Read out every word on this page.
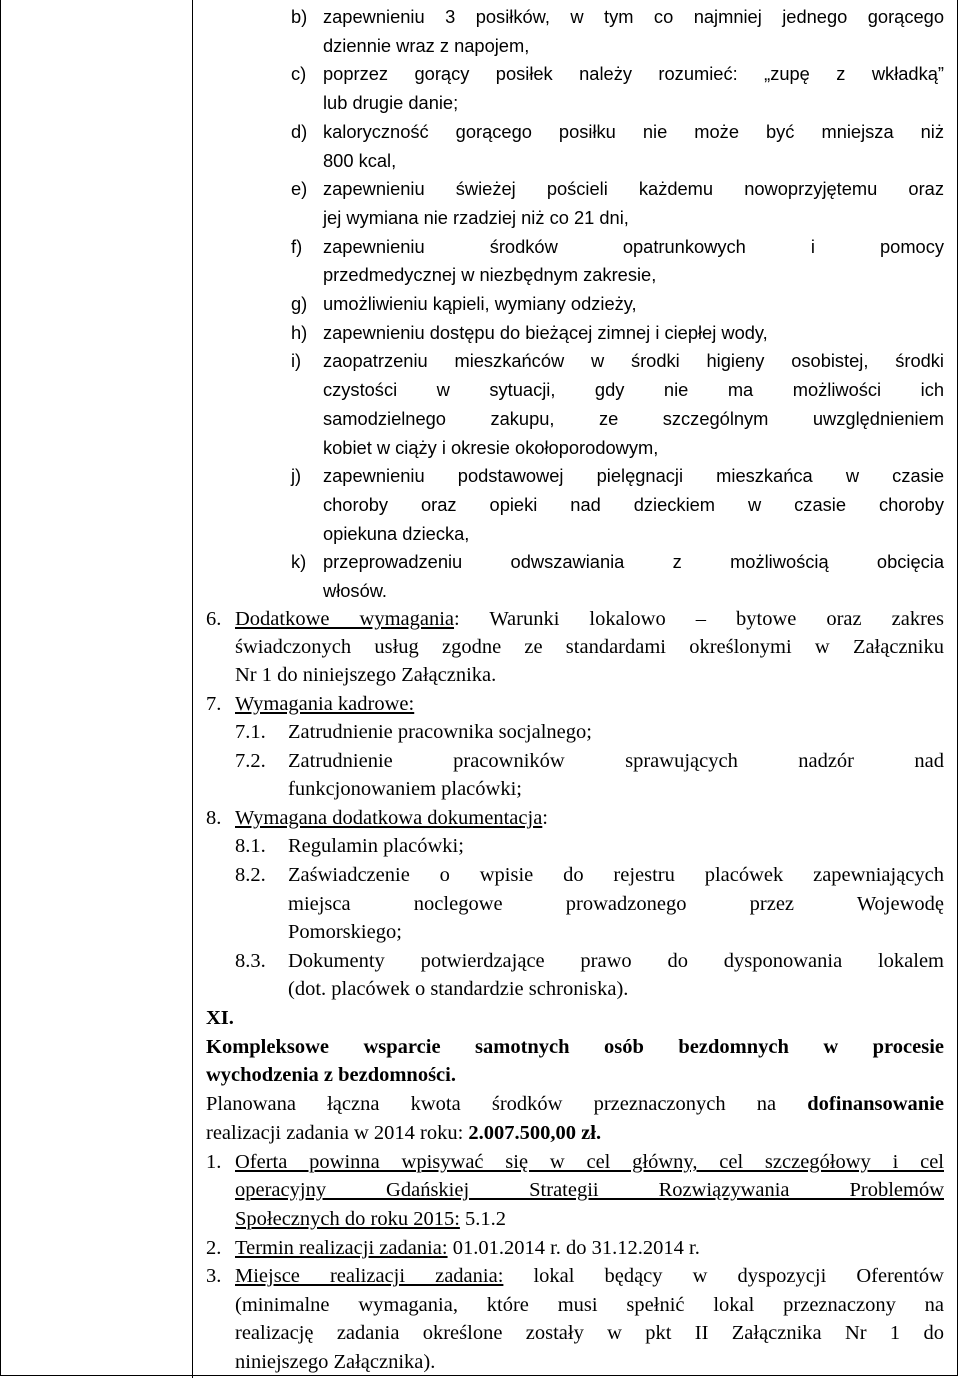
b) zapewnieniu 3 posiłków, w tym co najmniej jednego gorącego
dziennie wraz z napojem,
c) poprzez gorący posiłek należy rozumieć: „zupę z wkładką”
lub drugie danie;
d) kaloryczność gorącego posiłku nie może być mniejsza niż
800 kcal,
e) zapewnieniu świeżej pościeli każdemu nowoprzyjętemu oraz
jej wymiana nie rzadziej niż co 21 dni,
f) zapewnieniu środków opatrunkowych i pomocy
przedmedycznej w niezbędnym zakresie,
g) umożliwieniu kąpieli, wymiany odzieży,
h) zapewnieniu dostępu do bieżącej zimnej i ciepłej wody,
i) zaopatrzeniu mieszkańców w środki higieny osobistej, środki
czystości w sytuacji, gdy nie ma możliwości ich
samodzielnego zakupu, ze szczególnym uwzględnieniem
kobiet w ciąży i okresie okołoporodowym,
j) zapewnieniu podstawowej pielęgnacji mieszkańca w czasie
choroby oraz opieki nad dzieckiem w czasie choroby
opiekuna dziecka,
k) przeprowadzeniu odwszawiania z możliwością obcięcia
włosów.
6. Dodatkowe wymagania: Warunki lokalowo – bytowe oraz zakres
świadczonych usług zgodne ze standardami określonymi w Załączniku
Nr 1 do niniejszego Załącznika.
7. Wymagania kadrowe:
7.1. Zatrudnienie pracownika socjalnego;
7.2. Zatrudnienie pracowników sprawujących nadzór nad
funkcjonowaniem placówki;
8. Wymagana dodatkowa dokumentacja:
8.1. Regulamin placówki;
8.2. Zaświadczenie o wpisie do rejestru placówek zapewniających
miejsca noclegowe prowadzonego przez Wojewodę
Pomorskiego;
8.3. Dokumenty potwierdzające prawo do dysponowania lokalem
(dot. placówek o standardzie schroniska).
XI.
Kompleksowe wsparcie samotnych osób bezdomnych w procesie
wychodzenia z bezdomności.
Planowana łączna kwota środków przeznaczonych na dofinansowanie
realizacji zadania w 2014 roku: 2.007.500,00 zł.
1. Oferta powinna wpisywać się w cel główny, cel szczegółowy i cel
operacyjny Gdańskiej Strategii Rozwiązywania Problemów
Społecznych do roku 2015: 5.1.2
2. Termin realizacji zadania: 01.01.2014 r. do 31.12.2014 r.
3. Miejsce realizacji zadania: lokal będący w dyspozycji Oferentów
(minimalne wymagania, które musi spełnić lokal przeznaczony na
realizację zadania określone zostały w pkt II Załącznika Nr 1 do
niniejszego Załącznika).
